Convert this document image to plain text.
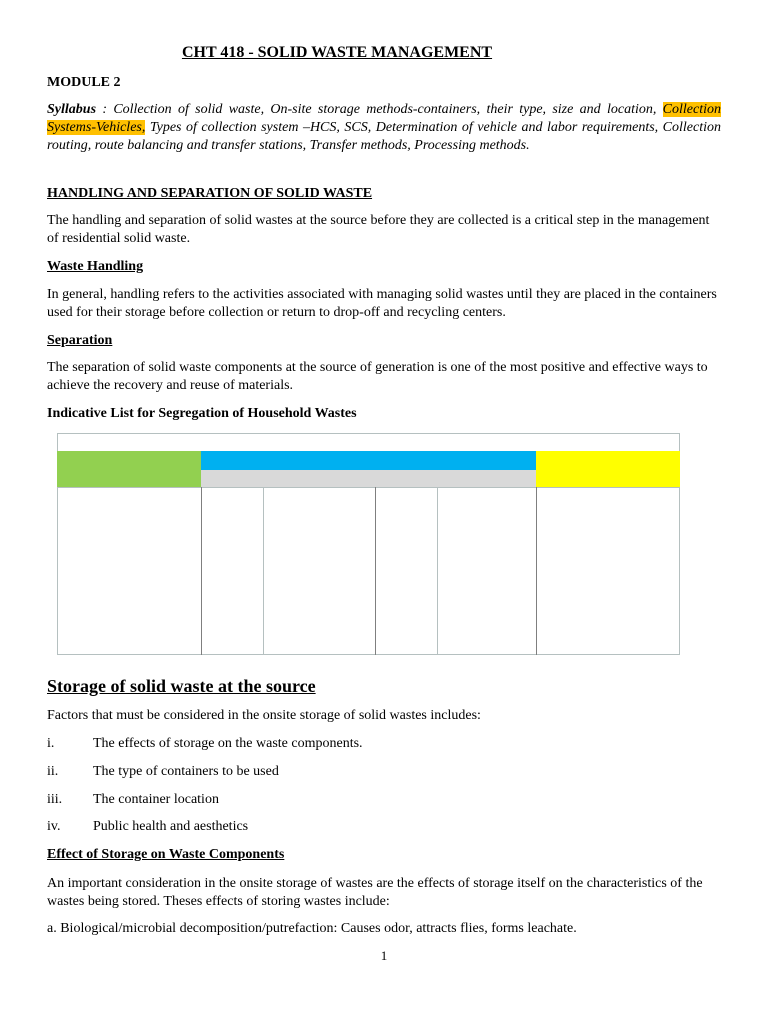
CHT 418 - SOLID WASTE MANAGEMENT
MODULE 2
Syllabus : Collection of solid waste, On-site storage methods-containers, their type, size and location, Collection Systems-Vehicles, Types of collection system –HCS, SCS, Determination of vehicle and labor requirements, Collection routing, route balancing and transfer stations, Transfer methods, Processing methods.
HANDLING AND SEPARATION OF SOLID WASTE
The handling and separation of solid wastes at the source before they are collected is a critical step in the management of residential solid waste.
Waste Handling
In general, handling refers to the activities associated with managing solid wastes until they are placed in the containers used for their storage before collection or return to drop-off and recycling centers.
Separation
The separation of solid waste components at the source of generation is one of the most positive and effective ways to achieve the recovery and reuse of materials.
Indicative List for Segregation of Household Wastes
Storage of solid waste at the source
Factors that must be considered in the onsite storage of solid wastes includes:
i.	The effects of storage on the waste components.
ii. The type of containers to be used
iii. The container location
iv. Public health and aesthetics
Effect of Storage on Waste Components
An important consideration in the onsite storage of wastes are the effects of storage itself on the characteristics of the wastes being stored. Theses effects of storing wastes include:
a. Biological/microbial decomposition/putrefaction: Causes odor, attracts flies, forms leachate.
1
